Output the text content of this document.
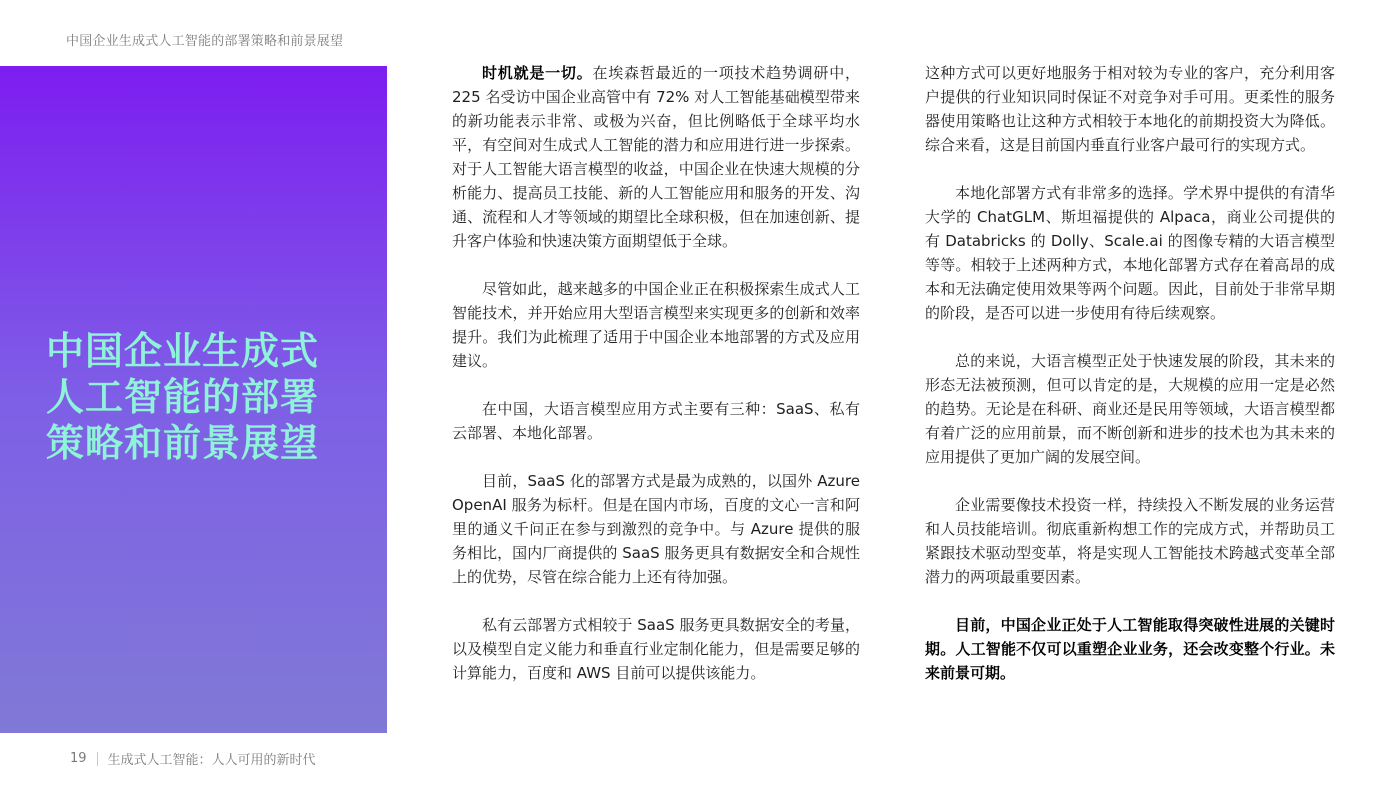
中国企业生成式人工智能的部署策略和前景展望
中国企业生成式
人工智能的部署
策略和前景展望

时机就是一切。在埃森哲最近的一项技术趋势调研中，225 名受访中国企业高管中有 72% 对人工智能基础模型带来的新功能表示非常、或极为兴奋，但比例略低于全球平均水平，有空间对生成式人工智能的潜力和应用进行进一步探索。对于人工智能大语言模型的收益，中国企业在快速大规模的分析能力、提高员工技能、新的人工智能应用和服务的开发、沟通、流程和人才等领域的期望比全球积极，但在加速创新、提升客户体验和快速决策方面期望低于全球。

尽管如此，越来越多的中国企业正在积极探索生成式人工智能技术，并开始应用大型语言模型来实现更多的创新和效率提升。我们为此梳理了适用于中国企业本地部署的方式及应用建议。

在中国，大语言模型应用方式主要有三种：SaaS、私有云部署、本地化部署。

目前，SaaS 化的部署方式是最为成熟的，以国外 Azure OpenAI 服务为标杆。但是在国内市场，百度的文心一言和阿里的通义千问正在参与到激烈的竞争中。与 Azure 提供的服务相比，国内厂商提供的 SaaS 服务更具有数据安全和合规性上的优势，尽管在综合能力上还有待加强。

私有云部署方式相较于 SaaS 服务更具数据安全的考量，以及模型自定义能力和垂直行业定制化能力，但是需要足够的计算能力，百度和 AWS 目前可以提供该能力。

这种方式可以更好地服务于相对较为专业的客户，充分利用客户提供的行业知识同时保证不对竞争对手可用。更柔性的服务器使用策略也让这种方式相较于本地化的前期投资大为降低。综合来看，这是目前国内垂直行业客户最可行的实现方式。

本地化部署方式有非常多的选择。学术界中提供的有清华大学的 ChatGLM、斯坦福提供的 Alpaca，商业公司提供的有 Databricks 的 Dolly、Scale.ai 的图像专精的大语言模型等等。相较于上述两种方式，本地化部署方式存在着高昂的成本和无法确定使用效果等两个问题。因此，目前处于非常早期的阶段，是否可以进一步使用有待后续观察。

总的来说，大语言模型正处于快速发展的阶段，其未来的形态无法被预测，但可以肯定的是，大规模的应用一定是必然的趋势。无论是在科研、商业还是民用等领域，大语言模型都有着广泛的应用前景，而不断创新和进步的技术也为其未来的应用提供了更加广阔的发展空间。

企业需要像技术投资一样，持续投入不断发展的业务运营和人员技能培训。彻底重新构想工作的完成方式，并帮助员工紧跟技术驱动型变革，将是实现人工智能技术跨越式变革全部潜力的两项最重要因素。

目前，中国企业正处于人工智能取得突破性进展的关键时期。人工智能不仅可以重塑企业业务，还会改变整个行业。未来前景可期。

19 生成式人工智能：人人可用的新时代
